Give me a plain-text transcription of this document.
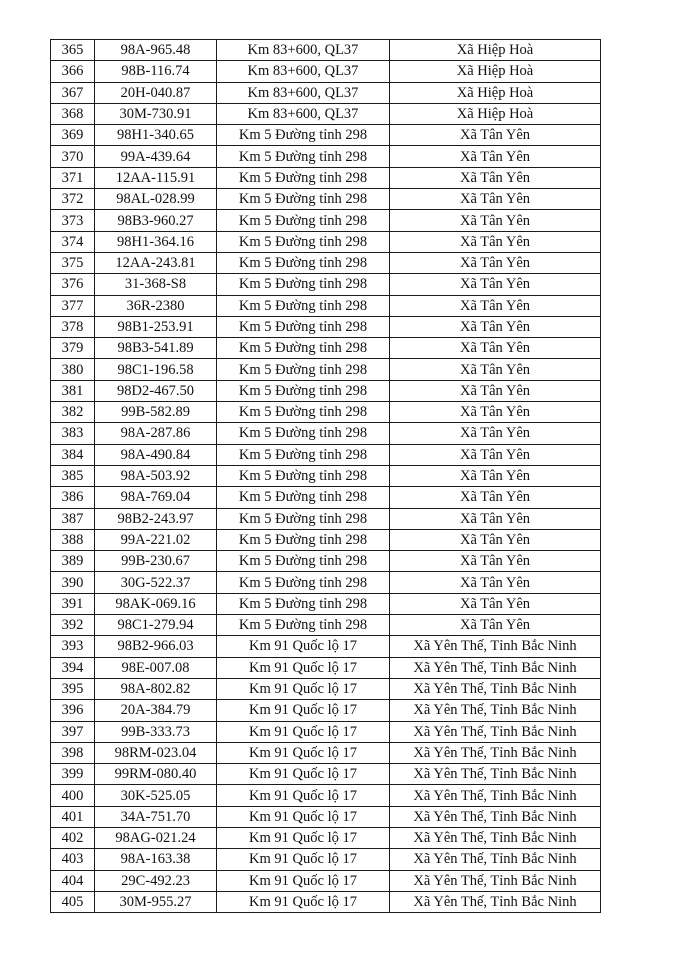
365	98A-965.48	Km 83+600, QL37	Xã Hiệp Hoà
366	98B-116.74	Km 83+600, QL37	Xã Hiệp Hoà
367	20H-040.87	Km 83+600, QL37	Xã Hiệp Hoà
368	30M-730.91	Km 83+600, QL37	Xã Hiệp Hoà
369	98H1-340.65	Km 5 Đường tỉnh 298	Xã Tân Yên
370	99A-439.64	Km 5 Đường tỉnh 298	Xã Tân Yên
371	12AA-115.91	Km 5 Đường tỉnh 298	Xã Tân Yên
372	98AL-028.99	Km 5 Đường tỉnh 298	Xã Tân Yên
373	98B3-960.27	Km 5 Đường tỉnh 298	Xã Tân Yên
374	98H1-364.16	Km 5 Đường tỉnh 298	Xã Tân Yên
375	12AA-243.81	Km 5 Đường tỉnh 298	Xã Tân Yên
376	31-368-S8	Km 5 Đường tỉnh 298	Xã Tân Yên
377	36R-2380	Km 5 Đường tỉnh 298	Xã Tân Yên
378	98B1-253.91	Km 5 Đường tỉnh 298	Xã Tân Yên
379	98B3-541.89	Km 5 Đường tỉnh 298	Xã Tân Yên
380	98C1-196.58	Km 5 Đường tỉnh 298	Xã Tân Yên
381	98D2-467.50	Km 5 Đường tỉnh 298	Xã Tân Yên
382	99B-582.89	Km 5 Đường tỉnh 298	Xã Tân Yên
383	98A-287.86	Km 5 Đường tỉnh 298	Xã Tân Yên
384	98A-490.84	Km 5 Đường tỉnh 298	Xã Tân Yên
385	98A-503.92	Km 5 Đường tỉnh 298	Xã Tân Yên
386	98A-769.04	Km 5 Đường tỉnh 298	Xã Tân Yên
387	98B2-243.97	Km 5 Đường tỉnh 298	Xã Tân Yên
388	99A-221.02	Km 5 Đường tỉnh 298	Xã Tân Yên
389	99B-230.67	Km 5 Đường tỉnh 298	Xã Tân Yên
390	30G-522.37	Km 5 Đường tỉnh 298	Xã Tân Yên
391	98AK-069.16	Km 5 Đường tỉnh 298	Xã Tân Yên
392	98C1-279.94	Km 5 Đường tỉnh 298	Xã Tân Yên
393	98B2-966.03	Km 91 Quốc lộ 17	Xã Yên Thế, Tỉnh Bắc Ninh
394	98E-007.08	Km 91 Quốc lộ 17	Xã Yên Thế, Tỉnh Bắc Ninh
395	98A-802.82	Km 91 Quốc lộ 17	Xã Yên Thế, Tỉnh Bắc Ninh
396	20A-384.79	Km 91 Quốc lộ 17	Xã Yên Thế, Tỉnh Bắc Ninh
397	99B-333.73	Km 91 Quốc lộ 17	Xã Yên Thế, Tỉnh Bắc Ninh
398	98RM-023.04	Km 91 Quốc lộ 17	Xã Yên Thế, Tỉnh Bắc Ninh
399	99RM-080.40	Km 91 Quốc lộ 17	Xã Yên Thế, Tỉnh Bắc Ninh
400	30K-525.05	Km 91 Quốc lộ 17	Xã Yên Thế, Tỉnh Bắc Ninh
401	34A-751.70	Km 91 Quốc lộ 17	Xã Yên Thế, Tỉnh Bắc Ninh
402	98AG-021.24	Km 91 Quốc lộ 17	Xã Yên Thế, Tỉnh Bắc Ninh
403	98A-163.38	Km 91 Quốc lộ 17	Xã Yên Thế, Tỉnh Bắc Ninh
404	29C-492.23	Km 91 Quốc lộ 17	Xã Yên Thế, Tỉnh Bắc Ninh
405	30M-955.27	Km 91 Quốc lộ 17	Xã Yên Thế, Tỉnh Bắc Ninh
